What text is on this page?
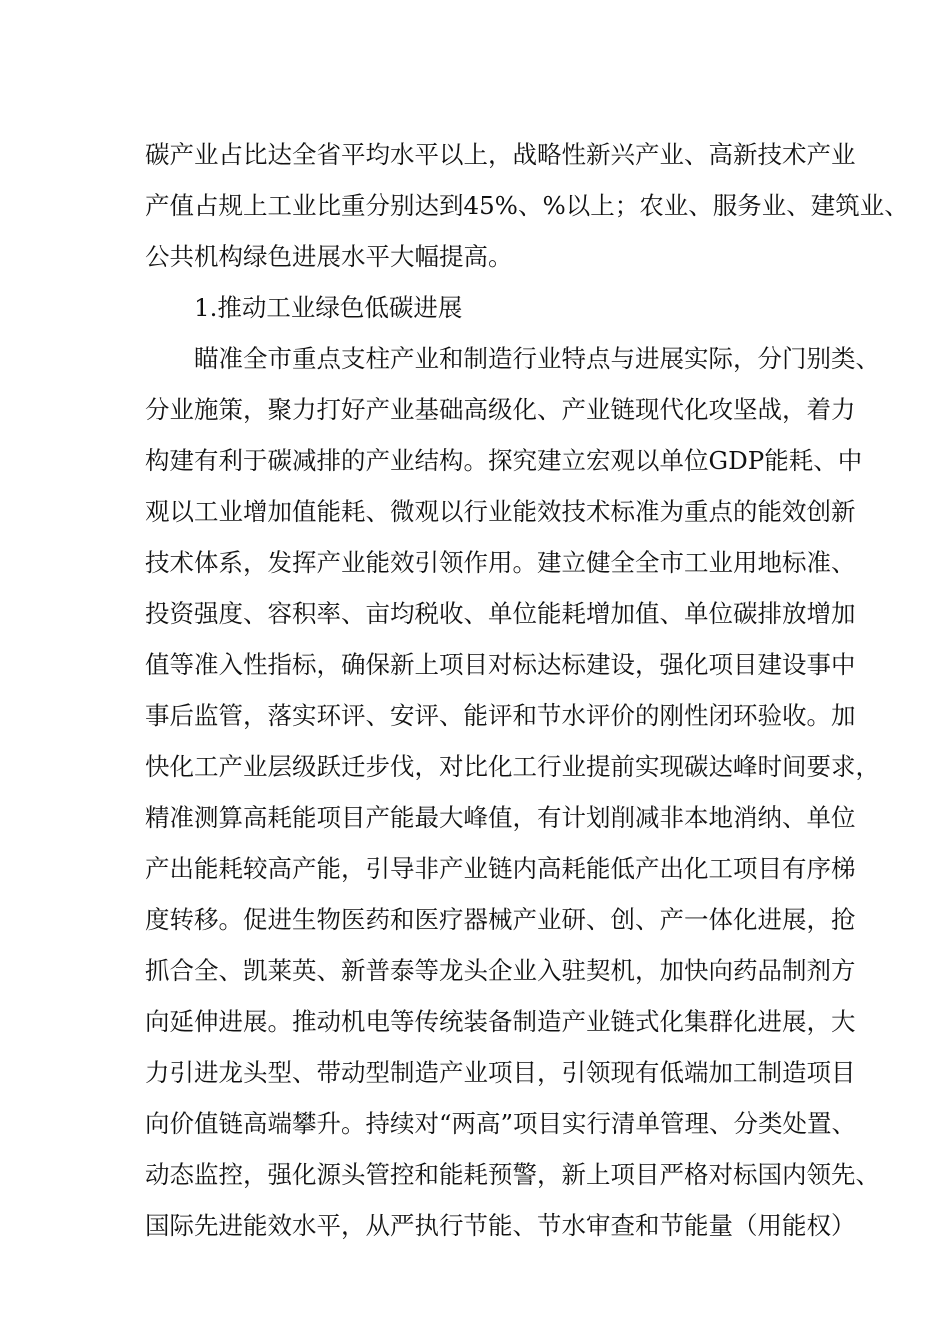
碳产业占比达全省平均水平以上，战略性新兴产业、高新技术产业
产值占规上工业比重分别达到45%、%以上；农业、服务业、建筑业、
公共机构绿色进展水平大幅提高。
1.推动工业绿色低碳进展
瞄准全市重点支柱产业和制造行业特点与进展实际，分门别类、
分业施策，聚力打好产业基础高级化、产业链现代化攻坚战，着力
构建有利于碳减排的产业结构。探究建立宏观以单位GDP能耗、中
观以工业增加值能耗、微观以行业能效技术标准为重点的能效创新
技术体系，发挥产业能效引领作用。建立健全全市工业用地标准、
投资强度、容积率、亩均税收、单位能耗增加值、单位碳排放增加
值等准入性指标，确保新上项目对标达标建设，强化项目建设事中
事后监管，落实环评、安评、能评和节水评价的刚性闭环验收。加
快化工产业层级跃迁步伐，对比化工行业提前实现碳达峰时间要求，
精准测算高耗能项目产能最大峰值，有计划削减非本地消纳、单位
产出能耗较高产能，引导非产业链内高耗能低产出化工项目有序梯
度转移。促进生物医药和医疗器械产业研、创、产一体化进展，抢
抓合全、凯莱英、新普泰等龙头企业入驻契机，加快向药品制剂方
向延伸进展。推动机电等传统装备制造产业链式化集群化进展，大
力引进龙头型、带动型制造产业项目，引领现有低端加工制造项目
向价值链高端攀升。持续对“两高”项目实行清单管理、分类处置、
动态监控，强化源头管控和能耗预警，新上项目严格对标国内领先、
国际先进能效水平，从严执行节能、节水审查和节能量（用能权）
